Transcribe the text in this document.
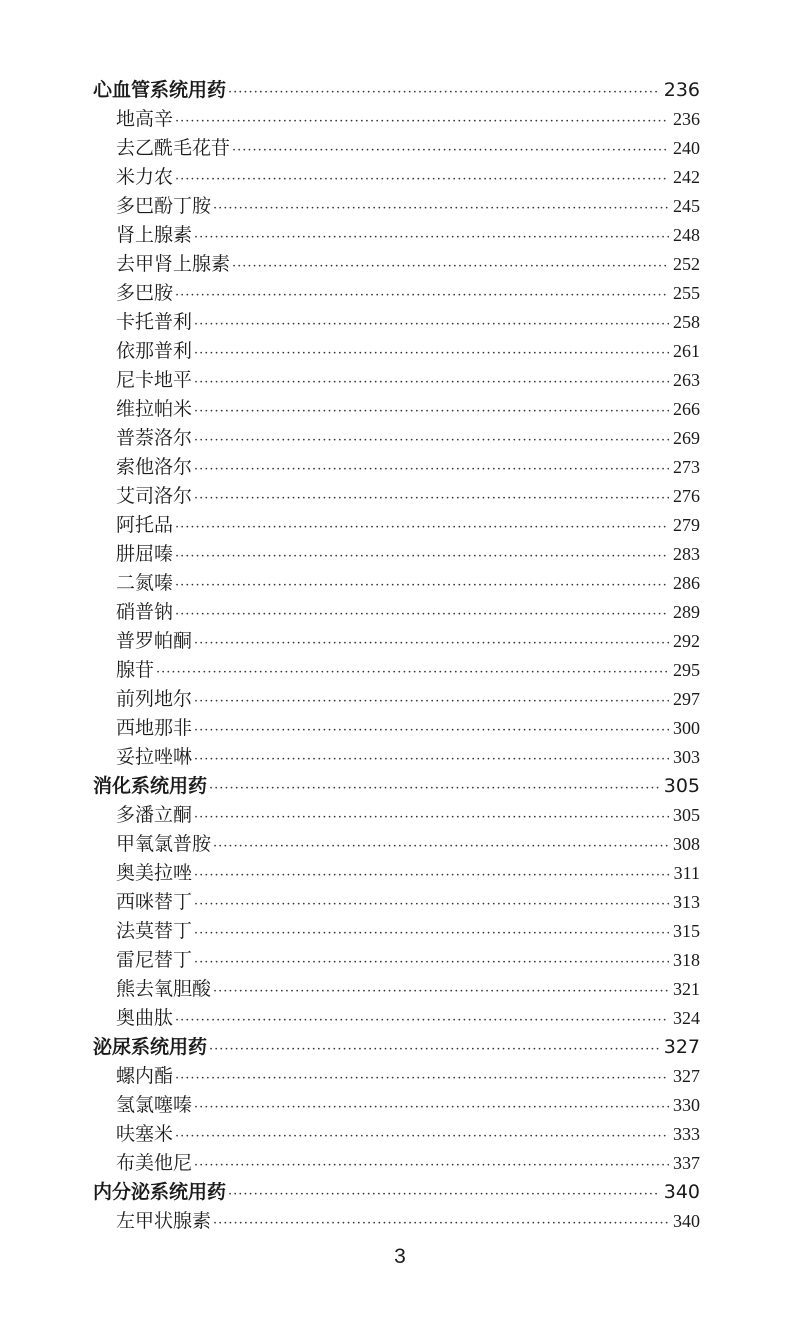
心血管系统用药 ·····	236
地高辛 ·····	236
去乙酰毛花苷 ·····	240
米力农 ·····	242
多巴酚丁胺 ·····	245
肾上腺素 ·····	248
去甲肾上腺素 ·····	252
多巴胺 ·····	255
卡托普利 ·····	258
依那普利 ·····	261
尼卡地平 ·····	263
维拉帕米 ·····	266
普萘洛尔 ·····	269
索他洛尔 ·····	273
艾司洛尔 ·····	276
阿托品 ·····	279
肼屈嗪 ·····	283
二氮嗪 ·····	286
硝普钠 ·····	289
普罗帕酮 ·····	292
腺苷 ·····	295
前列地尔 ·····	297
西地那非 ·····	300
妥拉唑啉 ·····	303
消化系统用药 ·····	305
多潘立酮 ·····	305
甲氧氯普胺 ·····	308
奥美拉唑 ·····	311
西咪替丁 ·····	313
法莫替丁 ·····	315
雷尼替丁 ·····	318
熊去氧胆酸 ·····	321
奥曲肽 ·····	324
泌尿系统用药 ·····	327
螺内酯 ·····	327
氢氯噻嗪 ·····	330
呋塞米 ·····	333
布美他尼 ·····	337
内分泌系统用药 ·····	340
左甲状腺素 ·····	340
3
